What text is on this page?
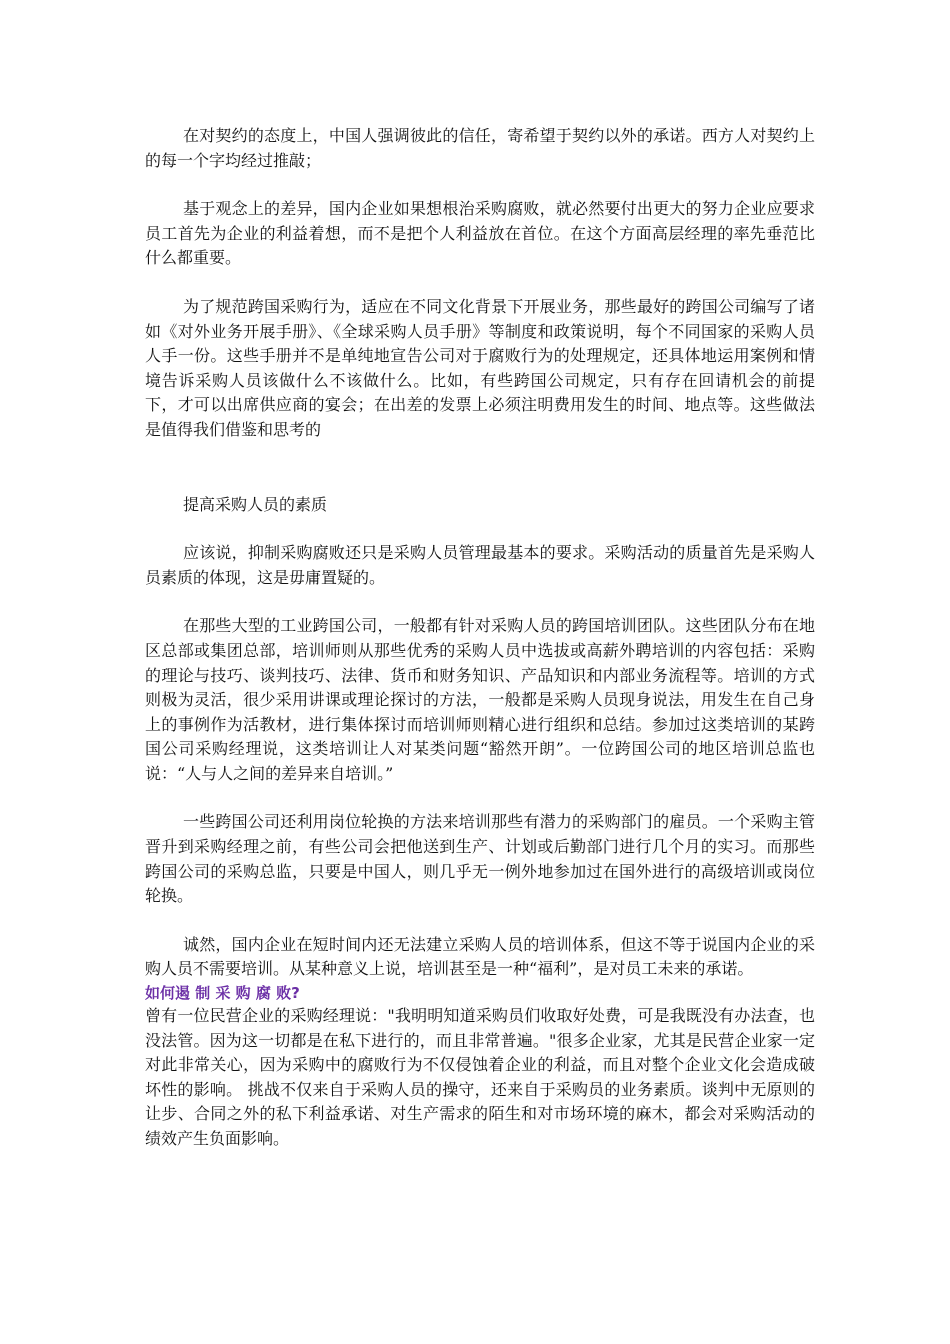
在对契约的态度上，中国人强调彼此的信任，寄希望于契约以外的承诺。西方人对契约上的每一个字均经过推敲；

基于观念上的差异，国内企业如果想根治采购腐败，就必然要付出更大的努力企业应要求员工首先为企业的利益着想，而不是把个人利益放在首位。在这个方面高层经理的率先垂范比什么都重要。

为了规范跨国采购行为，适应在不同文化背景下开展业务，那些最好的跨国公司编写了诸如《对外业务开展手册》、《全球采购人员手册》等制度和政策说明，每个不同国家的采购人员人手一份。这些手册并不是单纯地宣告公司对于腐败行为的处理规定，还具体地运用案例和情境告诉采购人员该做什么不该做什么。比如，有些跨国公司规定，只有存在回请机会的前提下，才可以出席供应商的宴会；在出差的发票上必须注明费用发生的时间、地点等。这些做法是值得我们借鉴和思考的

提高采购人员的素质

应该说，抑制采购腐败还只是采购人员管理最基本的要求。采购活动的质量首先是采购人员素质的体现，这是毋庸置疑的。

在那些大型的工业跨国公司，一般都有针对采购人员的跨国培训团队。这些团队分布在地区总部或集团总部，培训师则从那些优秀的采购人员中选拔或高薪外聘培训的内容包括：采购的理论与技巧、谈判技巧、法律、货币和财务知识、产品知识和内部业务流程等。培训的方式则极为灵活，很少采用讲课或理论探讨的方法，一般都是采购人员现身说法，用发生在自己身上的事例作为活教材，进行集体探讨而培训师则精心进行组织和总结。参加过这类培训的某跨国公司采购经理说，这类培训让人对某类问题“豁然开朗”。一位跨国公司的地区培训总监也说：“人与人之间的差异来自培训。”

一些跨国公司还利用岗位轮换的方法来培训那些有潜力的采购部门的雇员。一个采购主管晋升到采购经理之前，有些公司会把他送到生产、计划或后勤部门进行几个月的实习。而那些跨国公司的采购总监，只要是中国人，则几乎无一例外地参加过在国外进行的高级培训或岗位轮换。

诚然，国内企业在短时间内还无法建立采购人员的培训体系，但这不等于说国内企业的采购人员不需要培训。从某种意义上说，培训甚至是一种“福利”，是对员工未来的承诺。

如何遏 制 采 购 腐 败?

曾有一位民营企业的采购经理说："我明明知道采购员们收取好处费，可是我既没有办法查，也没法管。因为这一切都是在私下进行的，而且非常普遍。"很多企业家，尤其是民营企业家一定对此非常关心，因为采购中的腐败行为不仅侵蚀着企业的利益，而且对整个企业文化会造成破坏性的影响。 挑战不仅来自于采购人员的操守，还来自于采购员的业务素质。谈判中无原则的让步、合同之外的私下利益承诺、对生产需求的陌生和对市场环境的麻木，都会对采购活动的绩效产生负面影响。
